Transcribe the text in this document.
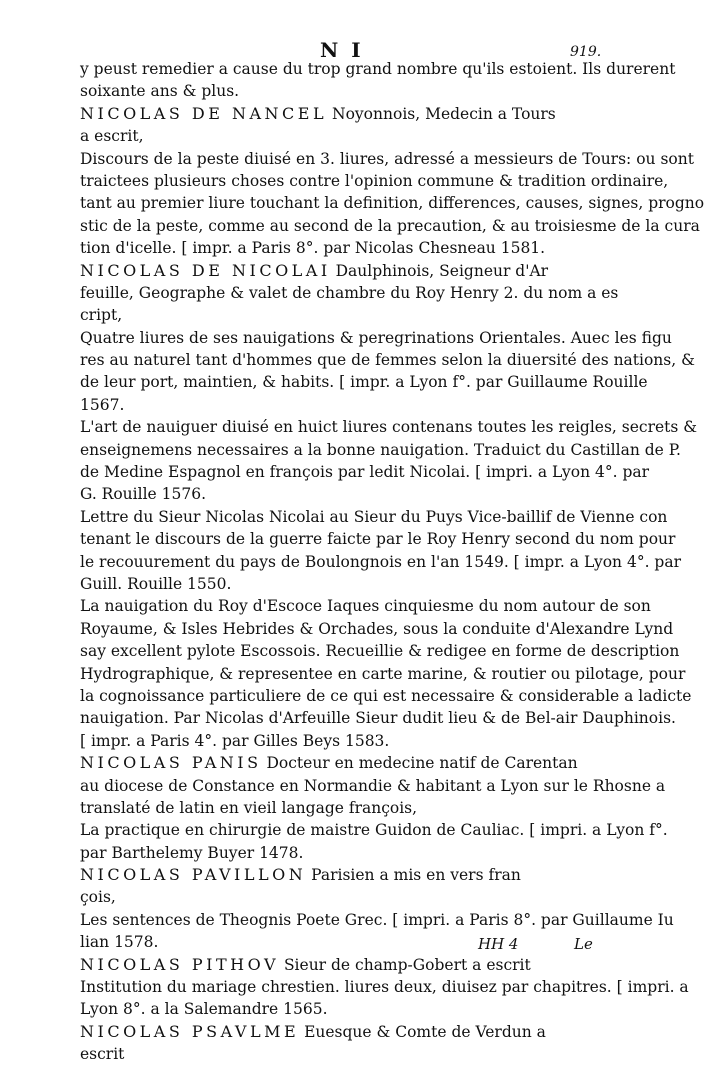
N I	919.
y peust remedier a cause du trop grand nombre qu'ils estoient. Ils durerent
soixante ans & plus.
NICOLAS DE NANCEL Noyonnois, Medecin a Tours
a escrit,
Discours de la peste diuisé en 3. liures, adressé a messieurs de Tours: ou sont
traictees plusieurs choses contre l'opinion commune & tradition ordinaire,
tant au premier liure touchant la definition, differences, causes, signes, progno
stic de la peste, comme au second de la precaution, & au troisiesme de la cura
tion d'icelle. [ impr. a Paris 8°. par Nicolas Chesneau 1581.
NICOLAS DE NICOLAI Daulphinois, Seigneur d'Ar
feuille, Geographe & valet de chambre du Roy Henry 2. du nom a es
cript,
Quatre liures de ses nauigations & peregrinations Orientales. Auec les figu
res au naturel tant d'hommes que de femmes selon la diuersité des nations, &
de leur port, maintien, & habits. [ impr. a Lyon f°. par Guillaume Rouille
1567.
L'art de nauiguer diuisé en huict liures contenans toutes les reigles, secrets &
enseignemens necessaires a la bonne nauigation. Traduict du Castillan de P.
de Medine Espagnol en françois par ledit Nicolai. [ impri. a Lyon 4°. par
G. Rouille 1576.
Lettre du Sieur Nicolas Nicolai au Sieur du Puys Vice-baillif de Vienne con
tenant le discours de la guerre faicte par le Roy Henry second du nom pour
le recouurement du pays de Boulongnois en l'an 1549. [ impr. a Lyon 4°. par
Guill. Rouille 1550.
La nauigation du Roy d'Escoce Iaques cinquiesme du nom autour de son
Royaume, & Isles Hebrides & Orchades, sous la conduite d'Alexandre Lynd
say excellent pylote Escossois. Recueillie & redigee en forme de description
Hydrographique, & representee en carte marine, & routier ou pilotage, pour
la cognoissance particuliere de ce qui est necessaire & considerable a ladicte
nauigation. Par Nicolas d'Arfeuille Sieur dudit lieu & de Bel-air Dauphinois.
[ impr. a Paris 4°. par Gilles Beys 1583.
NICOLAS PANIS Docteur en medecine natif de Carentan
au diocese de Constance en Normandie & habitant a Lyon sur le Rhosne a
translaté de latin en vieil langage françois,
La practique en chirurgie de maistre Guidon de Cauliac. [ impri. a Lyon f°.
par Barthelemy Buyer 1478.
NICOLAS PAVILLON Parisien a mis en vers fran
çois,
Les sentences de Theognis Poete Grec. [ impri. a Paris 8°. par Guillaume Iu
lian 1578.
NICOLAS PITHOV Sieur de champ-Gobert a escrit
Institution du mariage chrestien. liures deux, diuisez par chapitres. [ impri. a
Lyon 8°. a la Salemandre 1565.
NICOLAS PSAVLME Euesque & Comte de Verdun a
escrit
HH 4	Le
